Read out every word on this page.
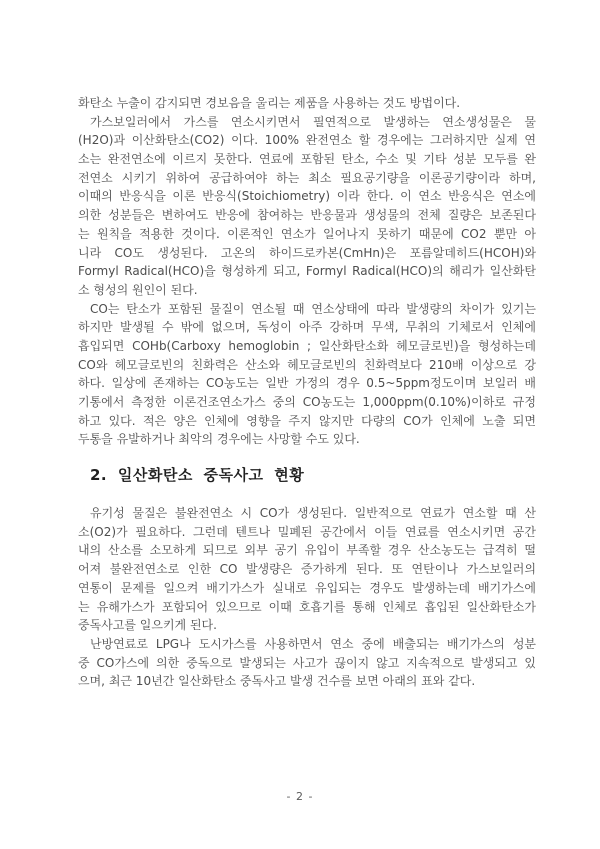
화탄소 누출이 감지되면 경보음을 울리는 제품을 사용하는 것도 방법이다.
가스보일러에서 가스를 연소시키면서 필연적으로 발생하는 연소생성물은 물
(H2O)과 이산화탄소(CO2) 이다. 100% 완전연소 할 경우에는 그러하지만 실제 연
소는 완전연소에 이르지 못한다. 연료에 포함된 탄소, 수소 및 기타 성분 모두를 완
전연소 시키기 위하여 공급하여야 하는 최소 필요공기량을 이론공기량이라 하며,
이때의 반응식을 이론 반응식(Stoichiometry) 이라 한다. 이 연소 반응식은 연소에
의한 성분들은 변하여도 반응에 참여하는 반응물과 생성물의 전체 질량은 보존된다
는 원칙을 적용한 것이다. 이론적인 연소가 일어나지 못하기 때문에 CO2 뿐만 아
니라 CO도 생성된다. 고온의 하이드로카본(CmHn)은 포름알데히드(HCOH)와
Formyl Radical(HCO)을 형성하게 되고, Formyl Radical(HCO)의 해리가 일산화탄
소 형성의 원인이 된다.
CO는 탄소가 포함된 물질이 연소될 때 연소상태에 따라 발생량의 차이가 있기는
하지만 발생될 수 밖에 없으며, 독성이 아주 강하며 무색, 무취의 기체로서 인체에
흡입되면 COHb(Carboxy hemoglobin ; 일산화탄소화 헤모글로빈)을 형성하는데
CO와 헤모글로빈의 친화력은 산소와 헤모글로빈의 친화력보다 210배 이상으로 강
하다. 일상에 존재하는 CO농도는 일반 가정의 경우 0.5~5ppm정도이며 보일러 배
기통에서 측정한 이론건조연소가스 중의 CO농도는 1,000ppm(0.10%)이하로 규정
하고 있다. 적은 양은 인체에 영향을 주지 않지만 다량의 CO가 인체에 노출 되면
두통을 유발하거나 최악의 경우에는 사망할 수도 있다.
2. 일산화탄소 중독사고 현황
유기성 물질은 불완전연소 시 CO가 생성된다. 일반적으로 연료가 연소할 때 산
소(O2)가 필요하다. 그런데 텐트나 밀폐된 공간에서 이들 연료를 연소시키면 공간
내의 산소를 소모하게 되므로 외부 공기 유입이 부족할 경우 산소농도는 급격히 떨
어져 불완전연소로 인한 CO 발생량은 증가하게 된다. 또 연탄이나 가스보일러의
연통이 문제를 일으켜 배기가스가 실내로 유입되는 경우도 발생하는데 배기가스에
는 유해가스가 포함되어 있으므로 이때 호흡기를 통해 인체로 흡입된 일산화탄소가
중독사고를 일으키게 된다.
난방연료로 LPG나 도시가스를 사용하면서 연소 중에 배출되는 배기가스의 성분
중 CO가스에 의한 중독으로 발생되는 사고가 끊이지 않고 지속적으로 발생되고 있
으며, 최근 10년간 일산화탄소 중독사고 발생 건수를 보면 아래의 표와 같다.
- 2 -
